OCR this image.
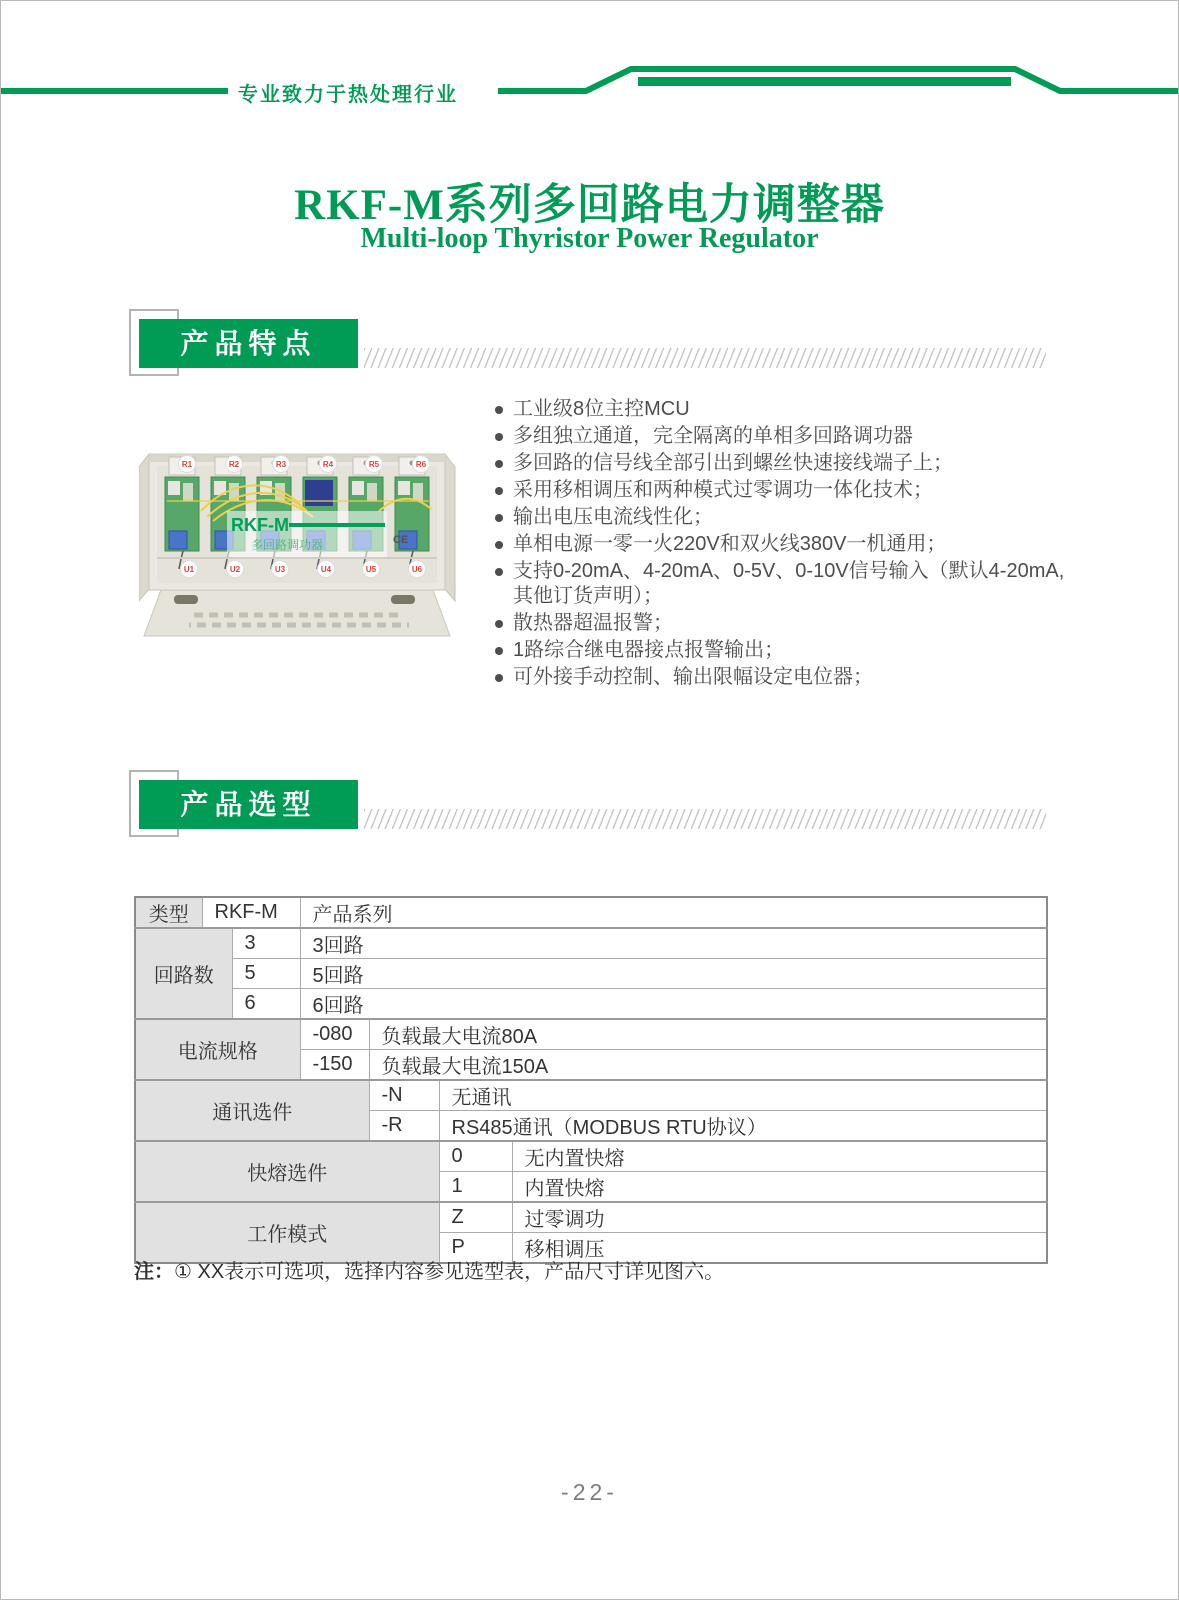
专业致力于热处理行业
RKF-M系列多回路电力调整器
Multi-loop Thyristor Power Regulator
产品特点
RKF-M
多回路调功器	CE
R1	R2	R3	R4	R5	R6
U1	U2	U3	U4	U5	U6
工业级8位主控MCU
多组独立通道，完全隔离的单相多回路调功器
多回路的信号线全部引出到螺丝快速接线端子上；
采用移相调压和两种模式过零调功一体化技术；
输出电压电流线性化；
单相电源一零一火220V和双火线380V一机通用；
支持0-20mA、4-20mA、0-5V、0-10V信号输入（默认4-20mA,其他订货声明）；
散热器超温报警；
1路综合继电器接点报警输出；
可外接手动控制、输出限幅设定电位器；
产品选型
类型	RKF-M		产品系列			
回路数		3	3回路			
		5	5回路			
		6	6回路			
电流规格			-080	负载最大电流80A		
			-150	负载最大电流150A		
通讯选件				-N	无通讯	
				-R	RS485通讯（MODBUS RTU协议）	
快熔选件					0	无内置快熔
					1	内置快熔
工作模式					Z	过零调功
					P	移相调压
注：① XX表示可选项，选择内容参见选型表，产品尺寸详见图六。
-22-
